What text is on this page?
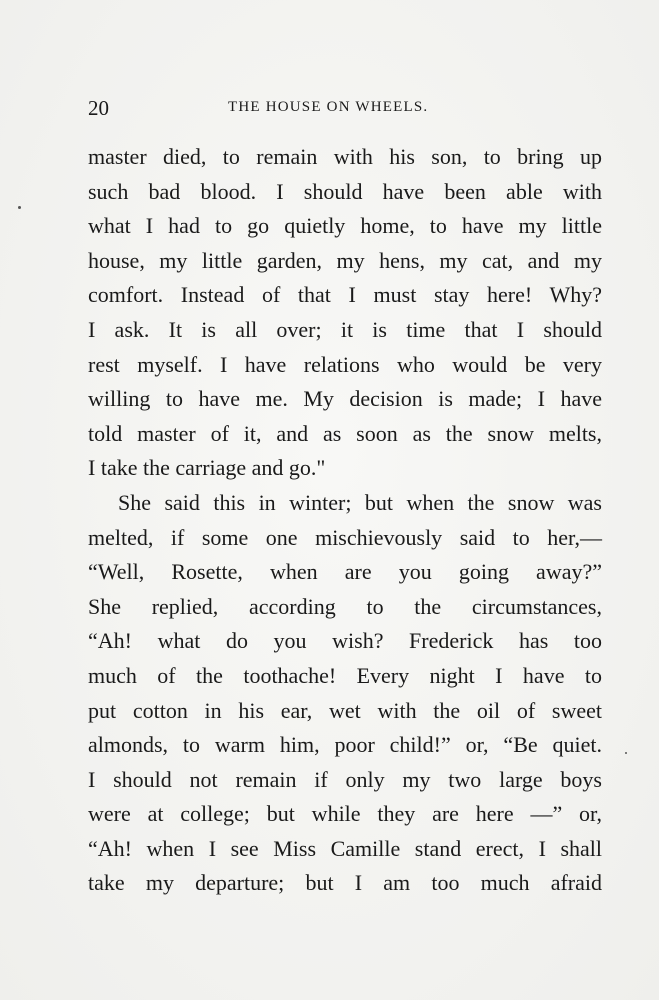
20	THE HOUSE ON WHEELS.
master died, to remain with his son, to bring up
such bad blood. I should have been able with
what I had to go quietly home, to have my little
house, my little garden, my hens, my cat, and my
comfort. Instead of that I must stay here! Why?
I ask. It is all over; it is time that I should
rest myself. I have relations who would be very
willing to have me. My decision is made; I have
told master of it, and as soon as the snow melts,
I take the carriage and go."
She said this in winter; but when the snow was
melted, if some one mischievously said to her,—
“Well, Rosette, when are you going away?”
She replied, according to the circumstances,
“Ah! what do you wish? Frederick has too
much of the toothache! Every night I have to
put cotton in his ear, wet with the oil of sweet
almonds, to warm him, poor child!” or, “Be quiet.
I should not remain if only my two large boys
were at college; but while they are here —” or,
“Ah! when I see Miss Camille stand erect, I shall
take my departure; but I am too much afraid
